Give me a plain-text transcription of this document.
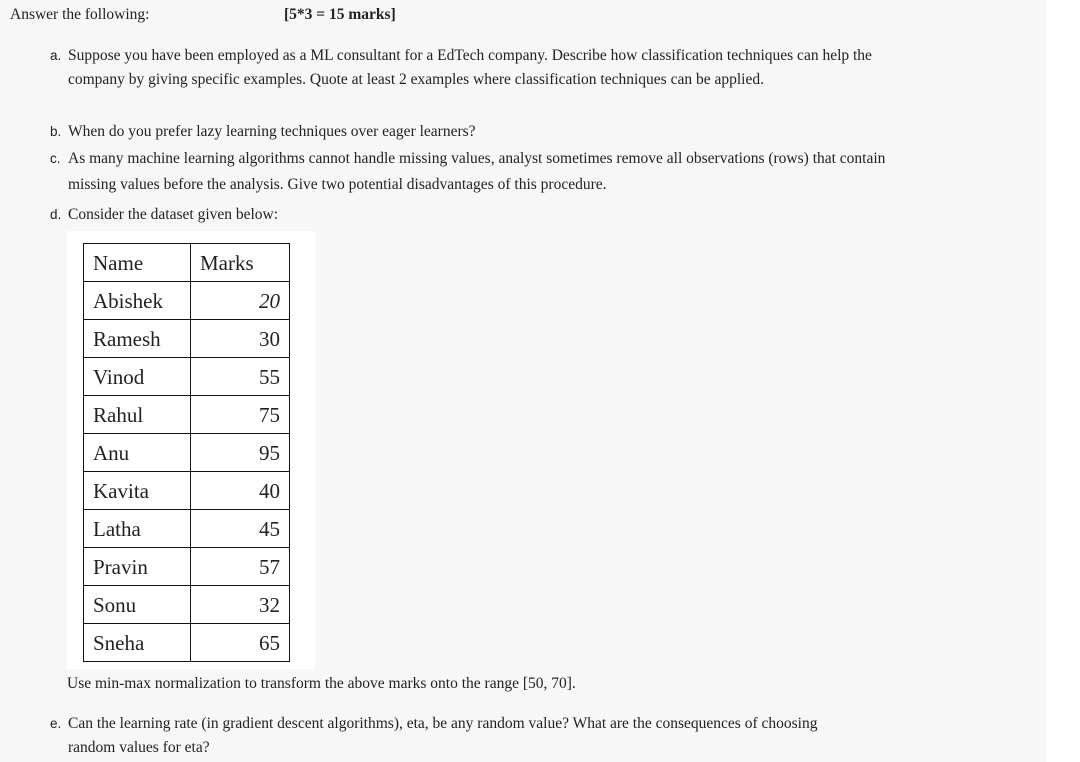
Answer the following:	[5*3 = 15 marks]
a. Suppose you have been employed as a ML consultant for a EdTech company. Describe how classification techniques can help the
company by giving specific examples. Quote at least 2 examples where classification techniques can be applied.
b. When do you prefer lazy learning techniques over eager learners?
c. As many machine learning algorithms cannot handle missing values, analyst sometimes remove all observations (rows) that contain
missing values before the analysis. Give two potential disadvantages of this procedure.
d. Consider the dataset given below:
Name	Marks
Abishek	20
Ramesh	30
Vinod	55
Rahul	75
Anu	95
Kavita	40
Latha	45
Pravin	57
Sonu	32
Sneha	65
Use min-max normalization to transform the above marks onto the range [50, 70].
e. Can the learning rate (in gradient descent algorithms), eta, be any random value? What are the consequences of choosing
random values for eta?
